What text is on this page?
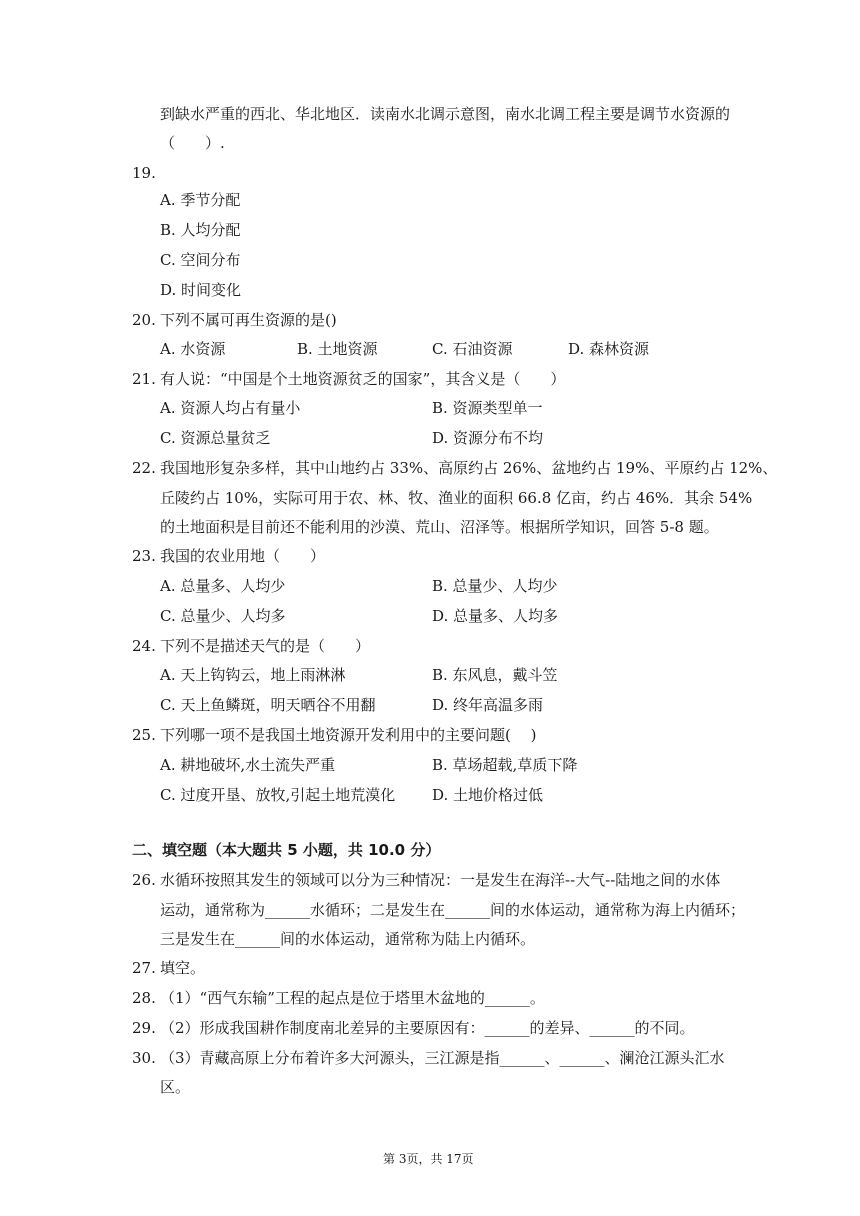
到缺水严重的西北、华北地区．读南水北调示意图，南水北调工程主要是调节水资源的
（　　）.
19.
A. 季节分配
B. 人均分配
C. 空间分布
D. 时间变化
20. 下列不属可再生资源的是()
A. 水资源	B. 土地资源	C. 石油资源	D. 森林资源
21. 有人说：“中国是个土地资源贫乏的国家”，其含义是（　　）
A. 资源人均占有量小	B. 资源类型单一
C. 资源总量贫乏	D. 资源分布不均
22. 我国地形复杂多样，其中山地约占 33%、高原约占 26%、盆地约占 19%、平原约占 12%、
丘陵约占 10%，实际可用于农、林、牧、渔业的面积 66.8 亿亩，约占 46%．其余 54%
的土地面积是目前还不能利用的沙漠、荒山、沼泽等。根据所学知识，回答 5-8 题。
23. 我国的农业用地（　　）
A. 总量多、人均少	B. 总量少、人均少
C. 总量少、人均多	D. 总量多、人均多
24. 下列不是描述天气的是（　　）
A. 天上钩钩云，地上雨淋淋	B. 东风息，戴斗笠
C. 天上鱼鳞斑，明天晒谷不用翻	D. 终年高温多雨
25. 下列哪一项不是我国土地资源开发利用中的主要问题(　 )
A. 耕地破坏,水土流失严重	B. 草场超载,草质下降
C. 过度开垦、放牧,引起土地荒漠化 D. 土地价格过低
二、填空题（本大题共 5 小题，共 10.0 分）
26. 水循环按照其发生的领域可以分为三种情况：一是发生在海洋--大气--陆地之间的水体
运动，通常称为______水循环；二是发生在______间的水体运动，通常称为海上内循环；
三是发生在______间的水体运动，通常称为陆上内循环。
27. 填空。
28. （1）“西气东输”工程的起点是位于塔里木盆地的______。
29. （2）形成我国耕作制度南北差异的主要原因有：______的差异、______的不同。
30. （3）青藏高原上分布着许多大河源头，三江源是指______、______、澜沧江源头汇水
区。
第 3页，共 17页
